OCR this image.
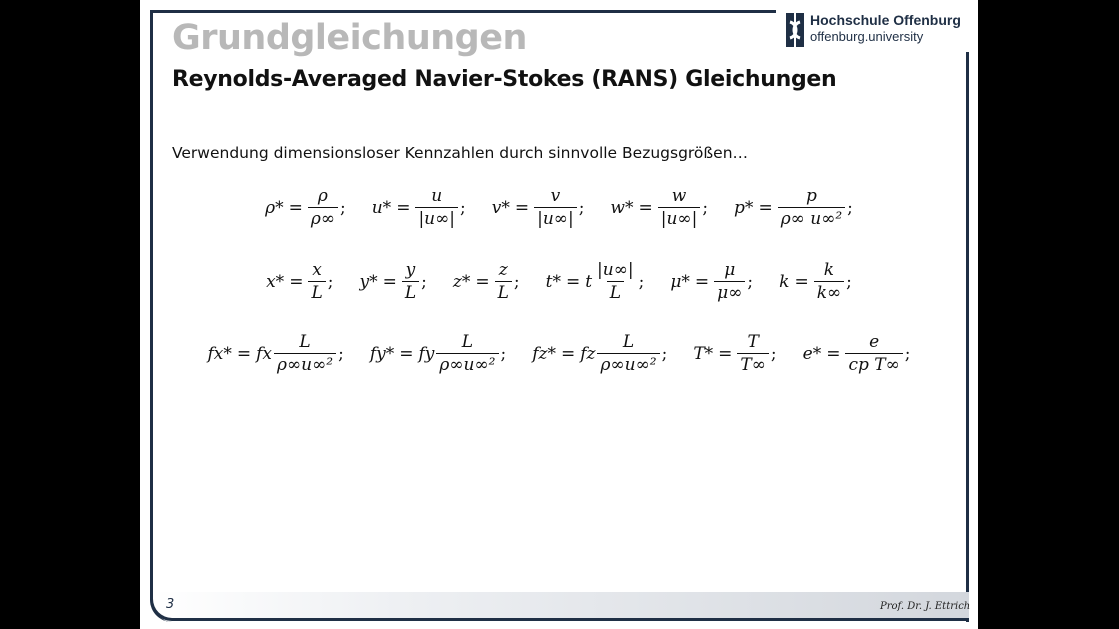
Hochschule Offenburg
offenburg.university
Grundgleichungen
Reynolds-Averaged Navier-Stokes (RANS) Gleichungen
Verwendung dimensionsloser Kennzahlen durch sinnvolle Bezugsgrößen…
$\rho* = \frac{\rho}{\rho\infty}$ ; $u* = \frac{u}{|u\infty|}$ ; $v* = \frac{v}{|u\infty|}$ ; $w* = \frac{w}{|u\infty|}$ ; $p* = \frac{p}{\text{ρ∞ u∞²}}$ ;
$x* = \frac{x}{L}$ ; $y* = \frac{y}{L}$ ; $z* = \frac{z}{L}$ ; t* = t $\frac{|u\infty|}{L}$ ; $\mu* = \frac{\mu}{\mu\infty}$ ; $k = \frac{k}{k\infty}$ ;
fx* = fx $\frac{L}{\text{ρ∞u∞²}}$ ; fy* = fy $\frac{L}{\text{ρ∞u∞²}}$ ; fz* = fz $\frac{L}{\text{ρ∞u∞²}}$ ; $T* = \frac{T}{T\infty}$ ; $e* = \frac{e}{\text{cp T∞}}$ ;
3	Prof. Dr. J. Ettrich
